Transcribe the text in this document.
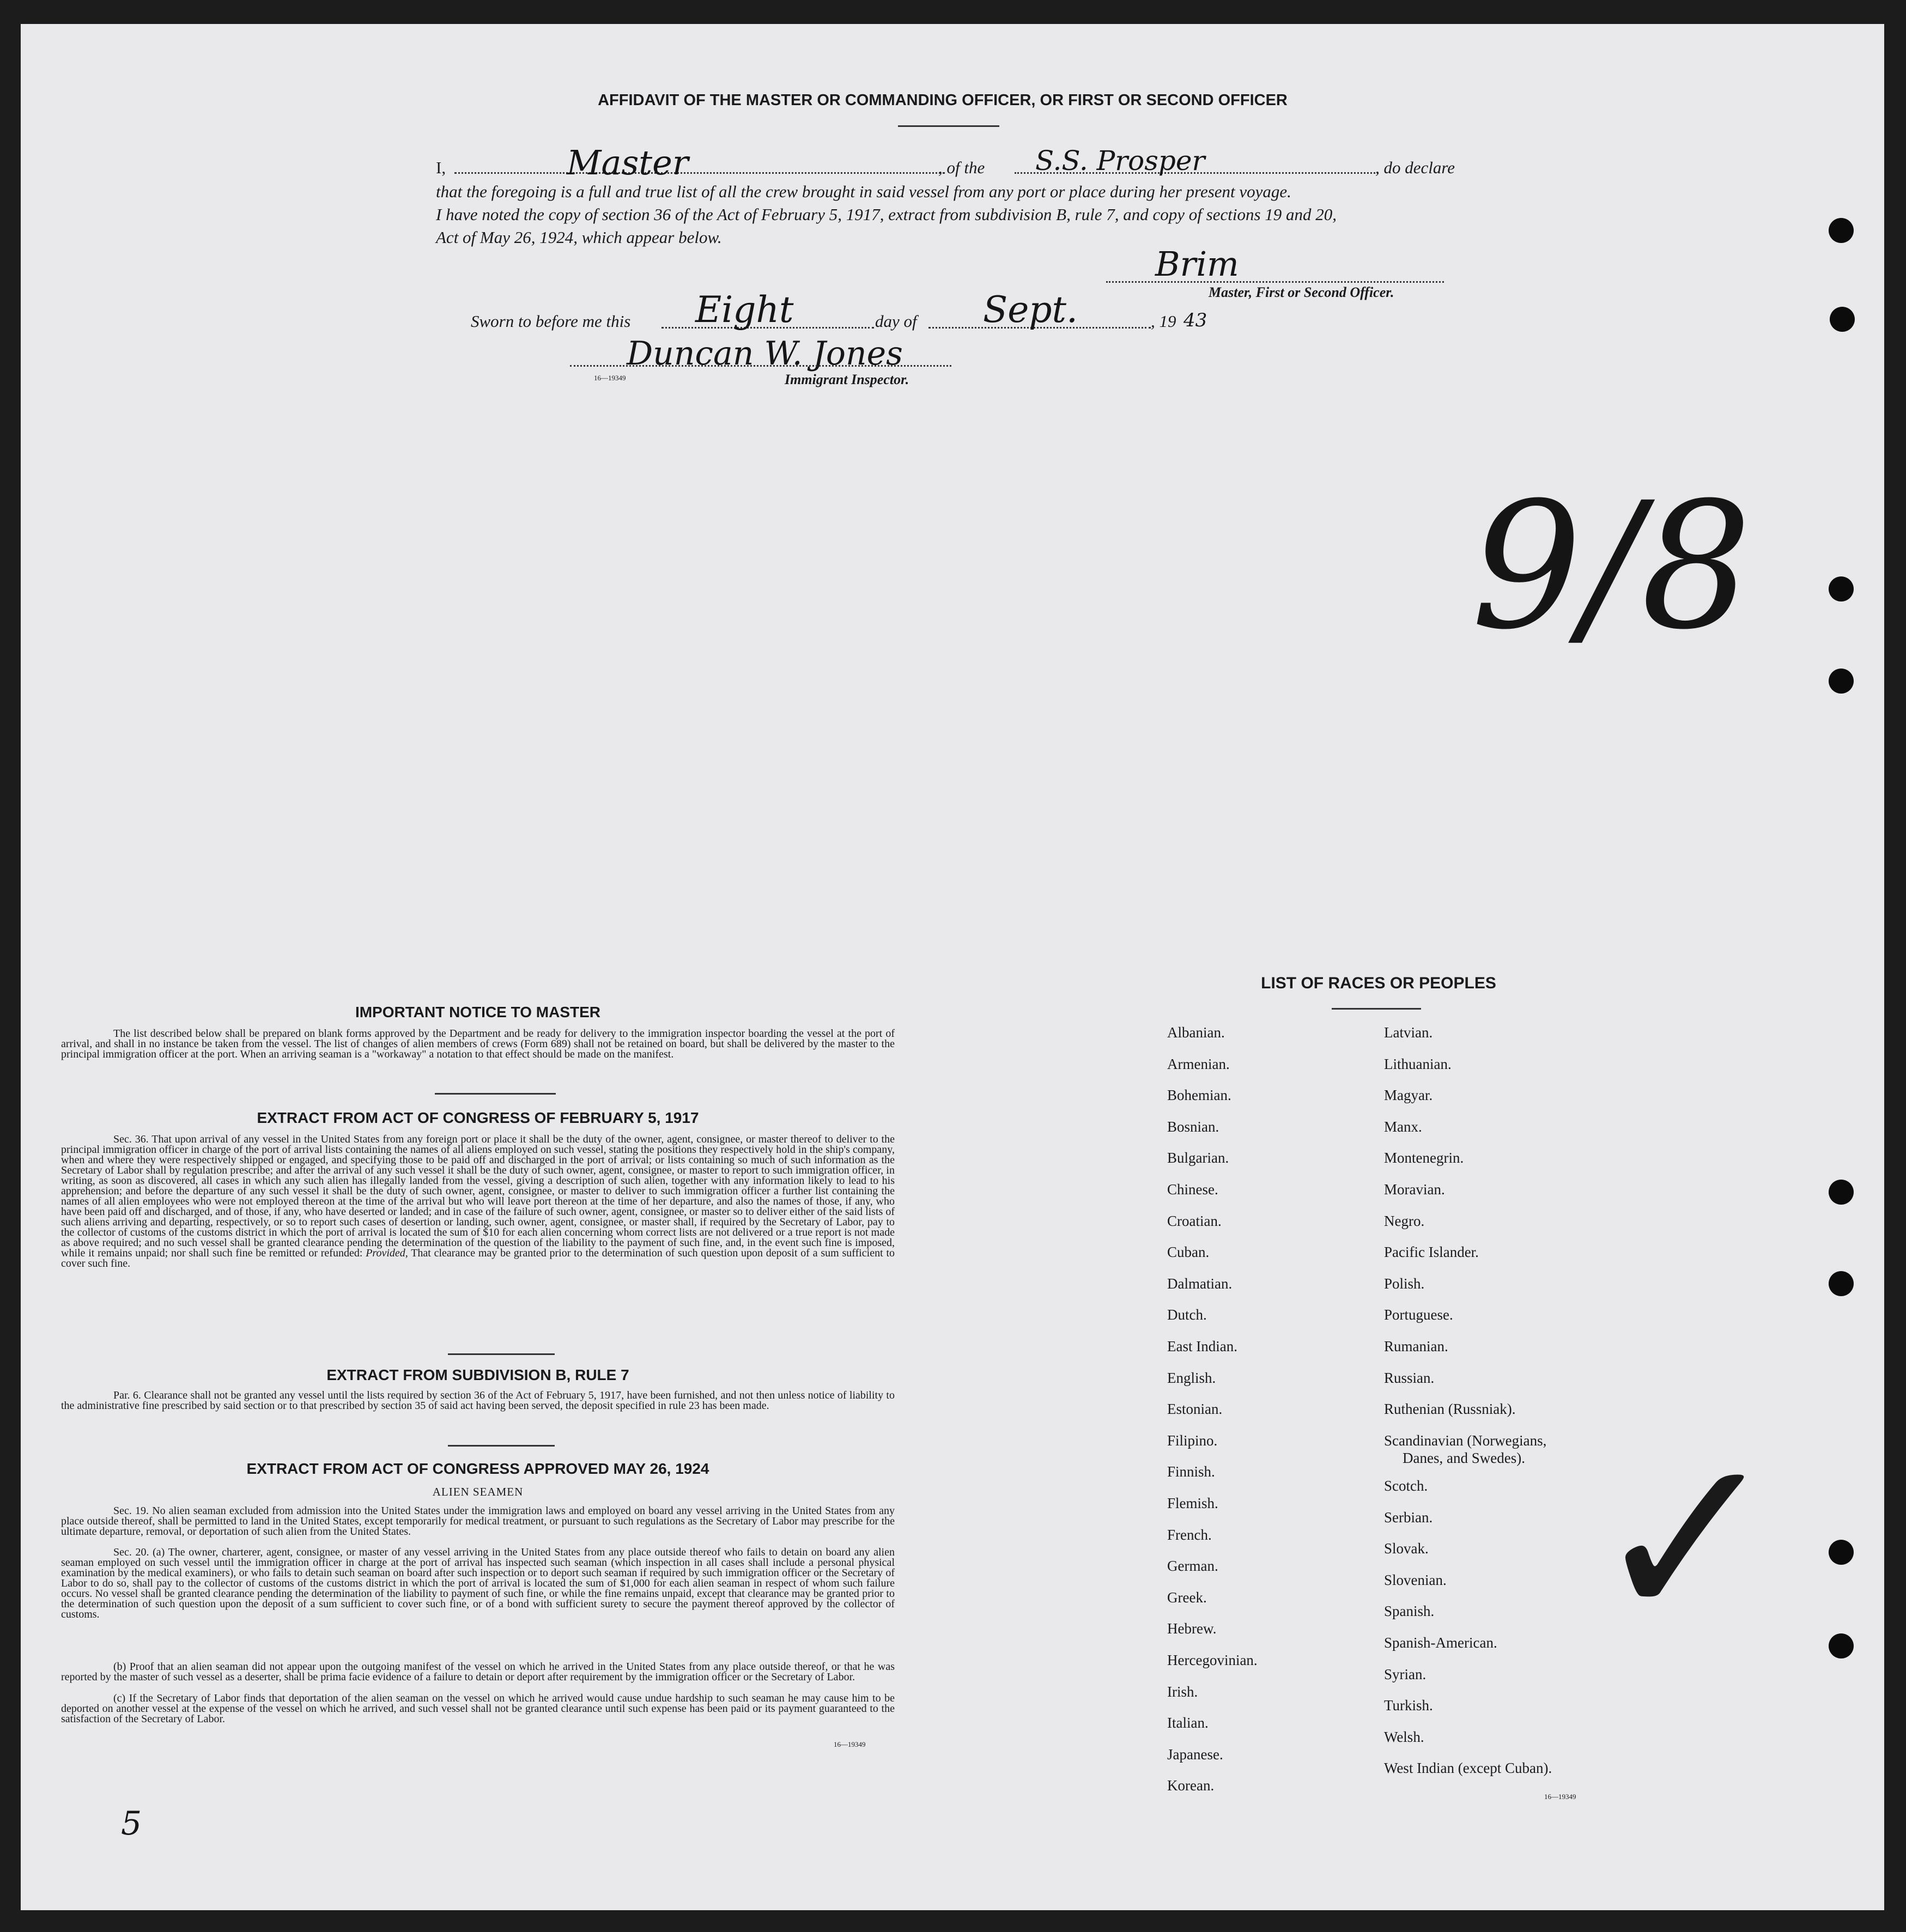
AFFIDAVIT OF THE MASTER OR COMMANDING OFFICER, OR FIRST OR SECOND OFFICER
I,	Master	, of the S.S. Prosper	, do declare
that the foregoing is a full and true list of all the crew brought in said vessel from any port or place during her present voyage.
I have noted the copy of section 36 of the Act of February 5, 1917, extract from subdivision B, rule 7, and copy of sections 19 and 20,
Act of May 26, 1924, which appear below.
Brim
Master, First or Second Officer.
Sworn to before me this Eight	day of Sept.	, 19 43
Duncan W. Jones
16—19349	Immigrant Inspector.
9/8
✓
5
IMPORTANT NOTICE TO MASTER

The list described below shall be prepared on blank forms approved by the Department and be ready for delivery to the immigration inspector boarding the vessel at the port of arrival, and shall in no instance be taken from the vessel. The list of changes of alien members of crews (Form 689) shall not be retained on board, but shall be delivered by the master to the principal immigration officer at the port. When an arriving seaman is a "workaway" a notation to that effect should be made on the manifest.

EXTRACT FROM ACT OF CONGRESS OF FEBRUARY 5, 1917

Sec. 36. That upon arrival of any vessel in the United States from any foreign port or place it shall be the duty of the owner, agent, consignee, or master thereof to deliver to the principal immigration officer in charge of the port of arrival lists containing the names of all aliens employed on such vessel, stating the positions they respectively hold in the ship's company, when and where they were respectively shipped or engaged, and specifying those to be paid off and discharged in the port of arrival; or lists containing so much of such information as the Secretary of Labor shall by regulation prescribe; and after the arrival of any such vessel it shall be the duty of such owner, agent, consignee, or master to report to such immigration officer, in writing, as soon as discovered, all cases in which any such alien has illegally landed from the vessel, giving a description of such alien, together with any information likely to lead to his apprehension; and before the departure of any such vessel it shall be the duty of such owner, agent, consignee, or master to deliver to such immigration officer a further list containing the names of all alien employees who were not employed thereon at the time of the arrival but who will leave port thereon at the time of her departure, and also the names of those, if any, who have been paid off and discharged, and of those, if any, who have deserted or landed; and in case of the failure of such owner, agent, consignee, or master so to deliver either of the said lists of such aliens arriving and departing, respectively, or so to report such cases of desertion or landing, such owner, agent, consignee, or master shall, if required by the Secretary of Labor, pay to the collector of customs of the customs district in which the port of arrival is located the sum of $10 for each alien concerning whom correct lists are not delivered or a true report is not made as above required; and no such vessel shall be granted clearance pending the determination of the question of the liability to the payment of such fine, and, in the event such fine is imposed, while it remains unpaid; nor shall such fine be remitted or refunded: Provided, That clearance may be granted prior to the determination of such question upon deposit of a sum sufficient to cover such fine.

EXTRACT FROM SUBDIVISION B, RULE 7

Par. 6. Clearance shall not be granted any vessel until the lists required by section 36 of the Act of February 5, 1917, have been furnished, and not then unless notice of liability to the administrative fine prescribed by said section or to that prescribed by section 35 of said act having been served, the deposit specified in rule 23 has been made.

EXTRACT FROM ACT OF CONGRESS APPROVED MAY 26, 1924
ALIEN SEAMEN

Sec. 19. No alien seaman excluded from admission into the United States under the immigration laws and employed on board any vessel arriving in the United States from any place outside thereof, shall be permitted to land in the United States, except temporarily for medical treatment, or pursuant to such regulations as the Secretary of Labor may prescribe for the ultimate departure, removal, or deportation of such alien from the United States.

Sec. 20. (a) The owner, charterer, agent, consignee, or master of any vessel arriving in the United States from any place outside thereof who fails to detain on board any alien seaman employed on such vessel until the immigration officer in charge at the port of arrival has inspected such seaman (which inspection in all cases shall include a personal physical examination by the medical examiners), or who fails to detain such seaman on board after such inspection or to deport such seaman if required by such immigration officer or the Secretary of Labor to do so, shall pay to the collector of customs of the customs district in which the port of arrival is located the sum of $1,000 for each alien seaman in respect of whom such failure occurs. No vessel shall be granted clearance pending the determination of the liability to payment of such fine, or while the fine remains unpaid, except that clearance may be granted prior to the determination of such question upon the deposit of a sum sufficient to cover such fine, or of a bond with sufficient surety to secure the payment thereof approved by the collector of customs.

(b) Proof that an alien seaman did not appear upon the outgoing manifest of the vessel on which he arrived in the United States from any place outside thereof, or that he was reported by the master of such vessel as a deserter, shall be prima facie evidence of a failure to detain or deport after requirement by the immigration officer or the Secretary of Labor.

(c) If the Secretary of Labor finds that deportation of the alien seaman on the vessel on which he arrived would cause undue hardship to such seaman he may cause him to be deported on another vessel at the expense of the vessel on which he arrived, and such vessel shall not be granted clearance until such expense has been paid or its payment guaranteed to the satisfaction of the Secretary of Labor.

16—19349
LIST OF RACES OR PEOPLES
Albanian.
Armenian.
Bohemian.
Bosnian.
Bulgarian.
Chinese.
Croatian.
Cuban.
Dalmatian.
Dutch.
East Indian.
English.
Estonian.
Filipino.
Finnish.
Flemish.
French.
German.
Greek.
Hebrew.
Hercegovinian.
Irish.
Italian.
Japanese.
Korean.
Latvian.
Lithuanian.
Magyar.
Manx.
Montenegrin.
Moravian.
Negro.
Pacific Islander.
Polish.
Portuguese.
Rumanian.
Russian.
Ruthenian (Russniak).
Scandinavian (Norwegians,
Danes, and Swedes).
Scotch.
Serbian.
Slovak.
Slovenian.
Spanish.
Spanish-American.
Syrian.
Turkish.
Welsh.
West Indian (except Cuban).
16—19349
